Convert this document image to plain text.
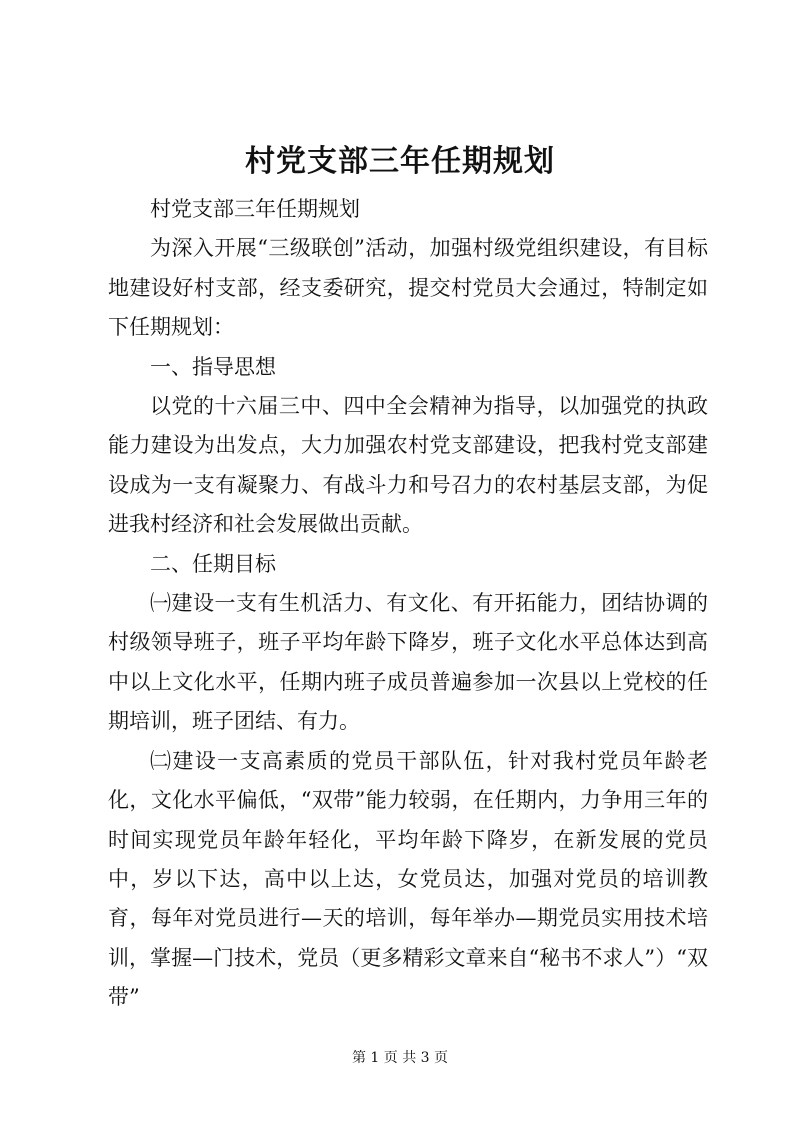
村党支部三年任期规划

村党支部三年任期规划

为深入开展“三级联创”活动，加强村级党组织建设，有目标地建设好村支部，经支委研究，提交村党员大会通过，特制定如下任期规划：

一、指导思想

以党的十六届三中、四中全会精神为指导，以加强党的执政能力建设为出发点，大力加强农村党支部建设，把我村党支部建设成为一支有凝聚力、有战斗力和号召力的农村基层支部，为促进我村经济和社会发展做出贡献。

二、任期目标

㈠建设一支有生机活力、有文化、有开拓能力，团结协调的村级领导班子，班子平均年龄下降岁，班子文化水平总体达到高中以上文化水平，任期内班子成员普遍参加一次县以上党校的任期培训，班子团结、有力。

㈡建设一支高素质的党员干部队伍，针对我村党员年龄老化，文化水平偏低，“双带”能力较弱，在任期内，力争用三年的时间实现党员年龄年轻化，平均年龄下降岁，在新发展的党员中，岁以下达，高中以上达，女党员达，加强对党员的培训教育，每年对党员进行—天的培训，每年举办—期党员实用技术培训，掌握—门技术，党员（更多精彩文章来自“秘书不求人”）“双带”

第 1 页 共 3 页
